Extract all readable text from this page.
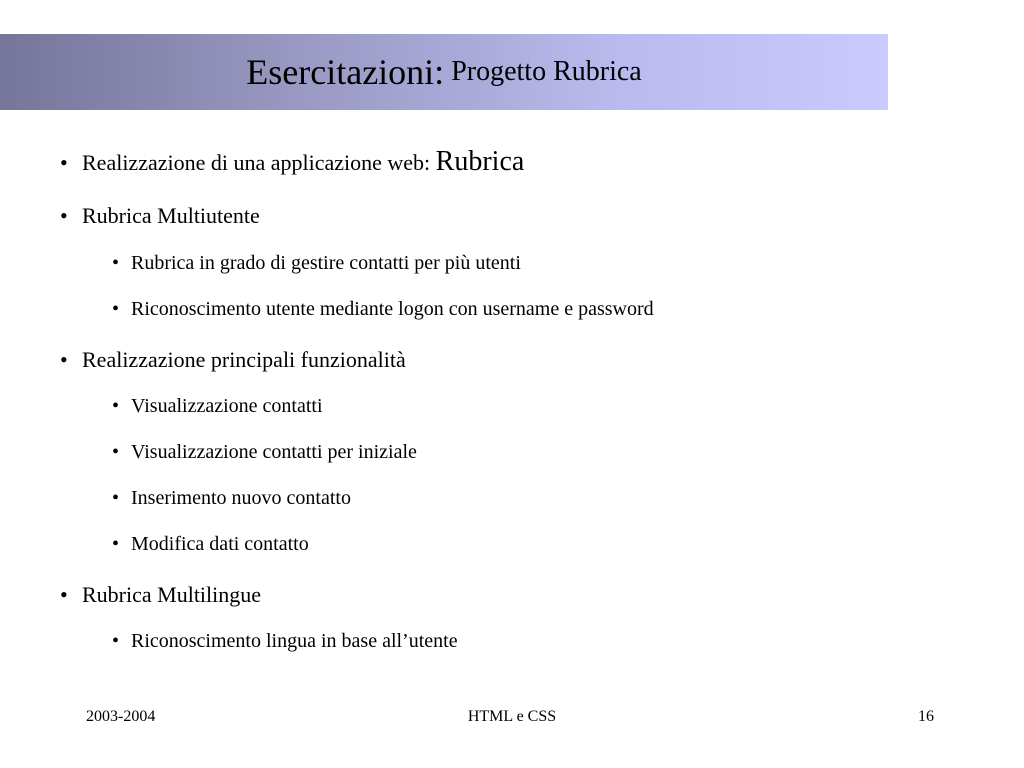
Esercitazioni: Progetto Rubrica
• Realizzazione di una applicazione web:
Rubrica
• Rubrica Multiutente
• Rubrica in grado di gestire contatti per più utenti
• Riconoscimento utente mediante logon con username e password
• Realizzazione principali funzionalità
• Visualizzazione contatti
• Visualizzazione contatti per iniziale
• Inserimento nuovo contatto
• Modifica dati contatto
• Rubrica Multilingue
• Riconoscimento lingua in base all’utente
2003-2004	HTML e CSS	16
